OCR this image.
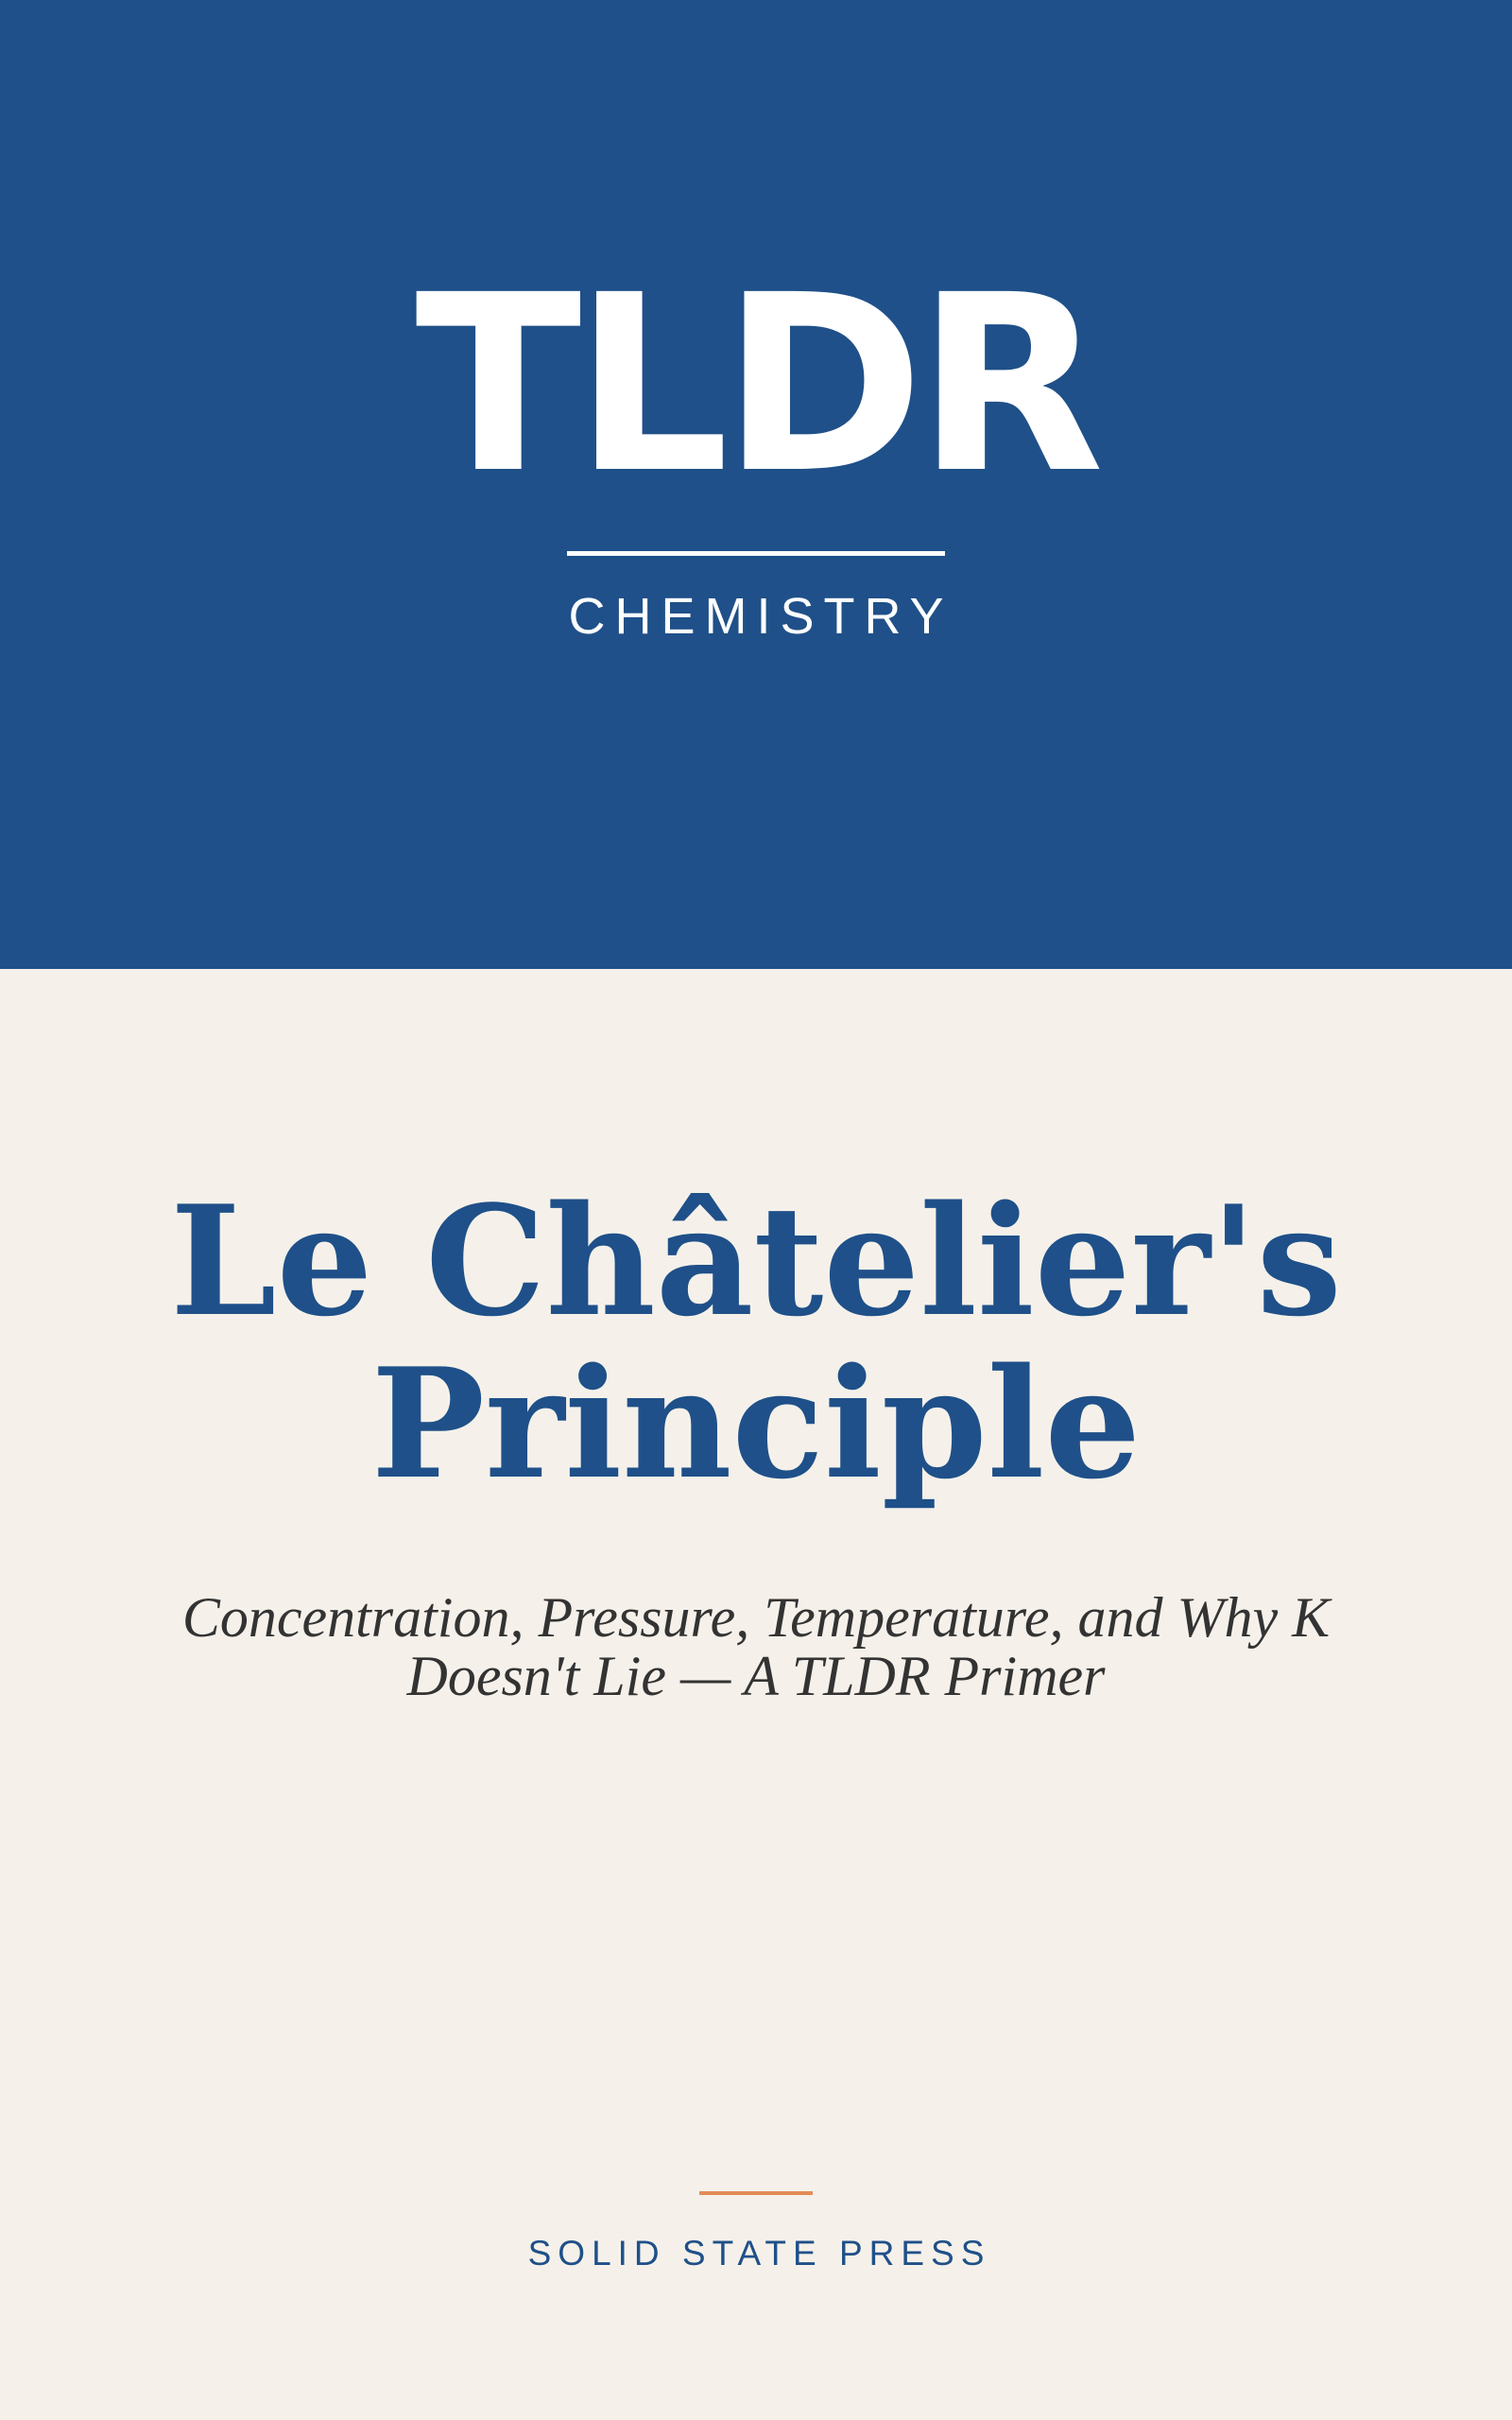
TLDR
CHEMISTRY
Le Châtelier's Principle
Concentration, Pressure, Temperature, and Why K Doesn't Lie — A TLDR Primer
SOLID STATE PRESS
